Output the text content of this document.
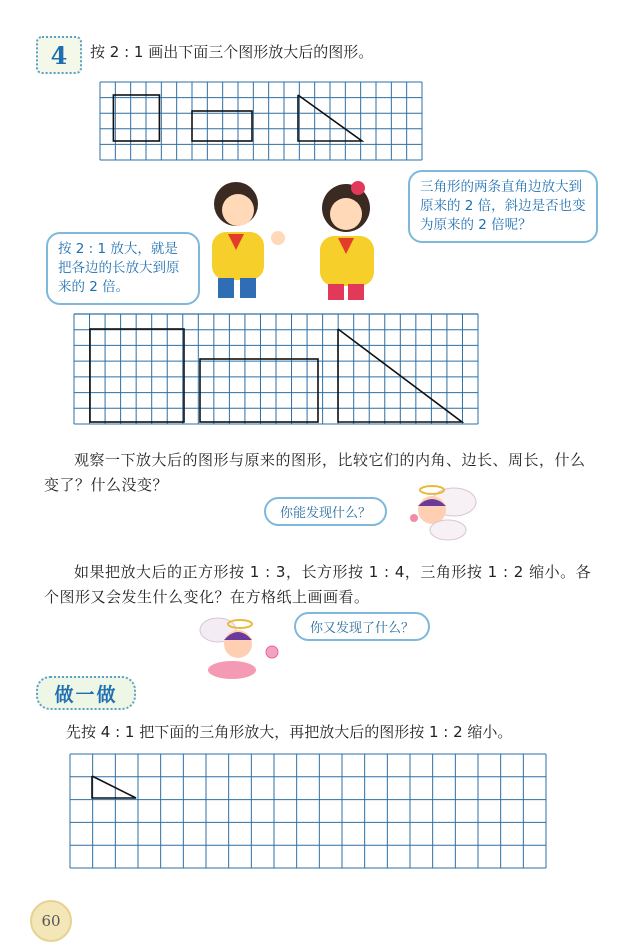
4 按 2 : 1 画出下面三个图形放大后的图形。
三角形的两条直角边放大到原来的 2 倍，斜边是否也变为原来的 2 倍呢？
按 2 : 1 放大，就是把各边的长放大到原来的 2 倍。
观察一下放大后的图形与原来的图形，比较它们的内角、边长、周长，什么变了？什么没变？
你能发现什么？
如果把放大后的正方形按 1 : 3，长方形按 1 : 4，三角形按 1 : 2 缩小。各个图形又会发生什么变化？在方格纸上画画看。
你又发现了什么？
做一做
先按 4 : 1 把下面的三角形放大，再把放大后的图形按 1 : 2 缩小。
60
